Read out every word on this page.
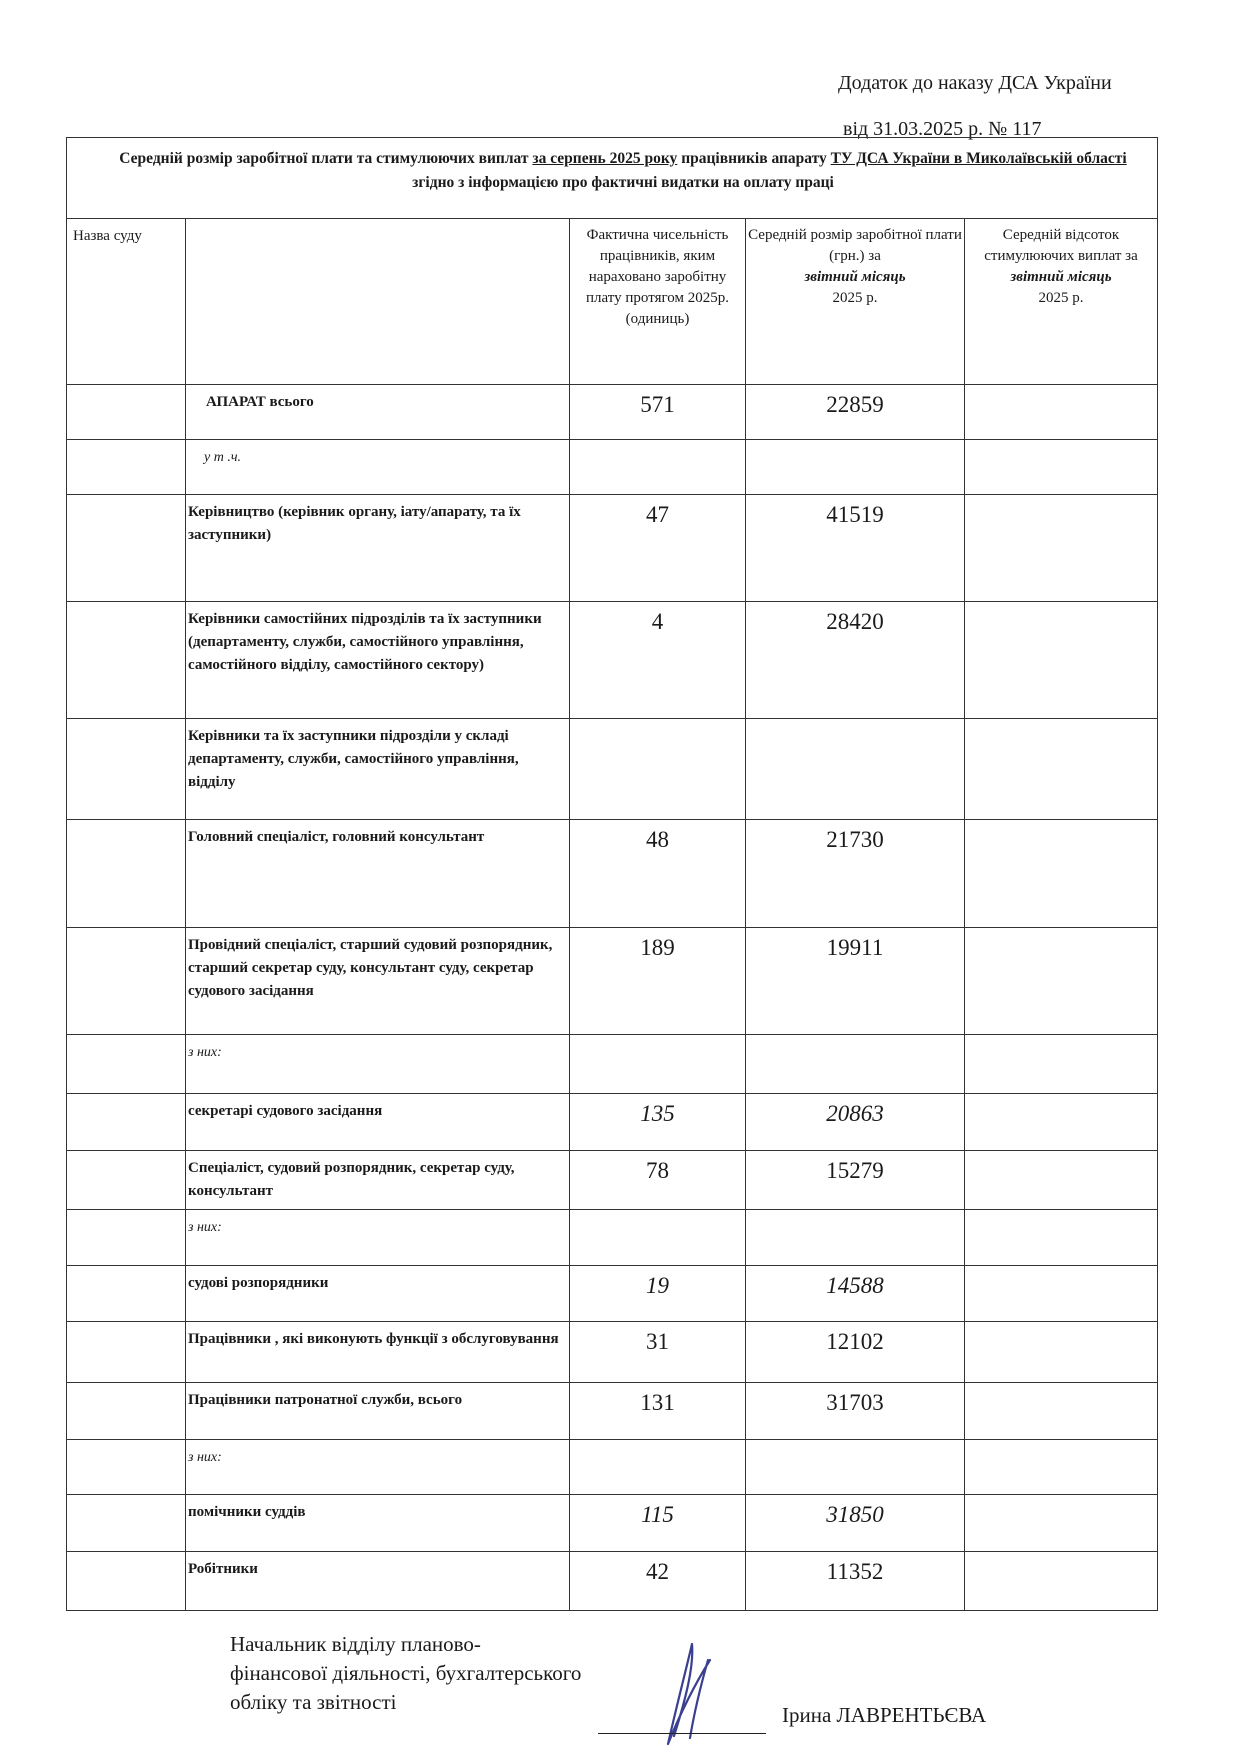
Додаток до наказу ДСА України
від 31.03.2025 р. № 117
Середній розмір заробітної плати та стимулюючих виплат за серпень 2025 року працівників апарату ТУ ДСА України в Миколаївській області згідно з інформацією про фактичні видатки на оплату праці				
Назва суду		Фактична чисельність працівників, яким нараховано заробітну плату протягом 2025р.(одиниць)	Середній розмір заробітної плати (грн.) за
звітний місяць
2025 р.	Середній відсоток стимулюючих виплат за звітний місяць
2025 р.
	АПАРАТ всього	571	22859	
	у т .ч.			
	Керівництво (керівник органу, іату/апарату, та їх заступники)	47	41519	
	Керівники самостійних підрозділів та їх заступники (департаменту, служби, самостійного управління, самостійного відділу, самостійного сектору)	4	28420	
	Керівники та їх заступники підрозділи у складі департаменту, служби, самостійного управління, відділу			
	Головний спеціаліст, головний консультант	48	21730	
	Провідний спеціаліст, старший судовий розпорядник, старший секретар суду, консультант суду, секретар судового засідання	189	19911	
	з них:			
	секретарі судового засідання	135	20863	
	Спеціаліст, судовий розпорядник, секретар суду, консультант	78	15279	
	з них:			
	судові розпорядники	19	14588	
	Працівники , які виконують функції з обслуговування	31	12102	
	Працівники патронатної служби, всього	131	31703	
	з них:			
	помічники суддів	115	31850	
	Робітники	42	11352	
Начальник відділу планово-
фінансової діяльності, бухгалтерського
обліку та звітності
Ірина ЛАВРЕНТЬЄВА
